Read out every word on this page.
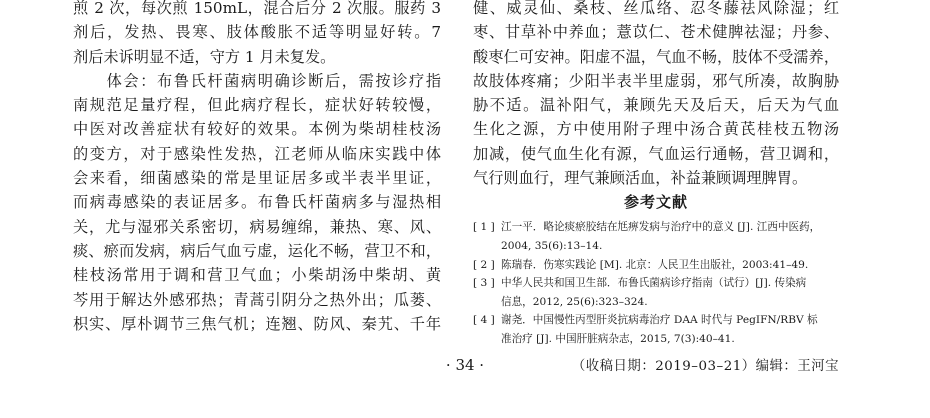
煎 2 次，每次煎 150mL，混合后分 2 次服。服药 3
剂后，发热、畏寒、肢体酸胀不适等明显好转。7
剂后未诉明显不适，守方 1 月未复发。
　　体会：布鲁氏杆菌病明确诊断后，需按诊疗指
南规范足量疗程，但此病疗程长，症状好转较慢，
中医对改善症状有较好的效果。本例为柴胡桂枝汤
的变方，对于感染性发热，江老师从临床实践中体
会来看，细菌感染的常是里证居多或半表半里证，
而病毒感染的表证居多。布鲁氏杆菌病多与湿热相
关，尤与湿邪关系密切，病易缠绵，兼热、寒、风、
痰、瘀而发病，病后气血亏虚，运化不畅，营卫不和，
桂枝汤常用于调和营卫气血；小柴胡汤中柴胡、黄
芩用于解达外感邪热；青蒿引阴分之热外出；瓜蒌、
枳实、厚朴调节三焦气机；连翘、防风、秦艽、千年
健、威灵仙、桑枝、丝瓜络、忍冬藤祛风除湿；红
枣、甘草补中养血；薏苡仁、苍术健脾祛湿；丹参、
酸枣仁可安神。阳虚不温，气血不畅，肢体不受濡养，
故肢体疼痛；少阳半表半里虚弱，邪气所凑，故胸胁
胁不适。温补阳气，兼顾先天及后天，后天为气血
生化之源，方中使用附子理中汤合黄芪桂枝五物汤
加减，使气血生化有源，气血运行通畅，营卫调和，
气行则血行，理气兼顾活血，补益兼顾调理脾胃。
参考文献
[ 1 ] 江一平．略论痰瘀胶结在尪痹发病与治疗中的意义 [J]. 江西中医药，
2004, 35(6):13–14.
[ 2 ] 陈瑞春．伤寒实践论 [M]. 北京：人民卫生出版社，2003:41–49.
[ 3 ] 中华人民共和国卫生部．布鲁氏菌病诊疗指南（试行）[J]. 传染病
信息，2012, 25(6):323–324.
[ 4 ] 谢尧．中国慢性丙型肝炎抗病毒治疗 DAA 时代与 PegIFN/RBV 标
准治疗 [J]. 中国肝脏病杂志，2015, 7(3):40–41.
（收稿日期：2019–03–21）编辑：王河宝
· 34 ·
